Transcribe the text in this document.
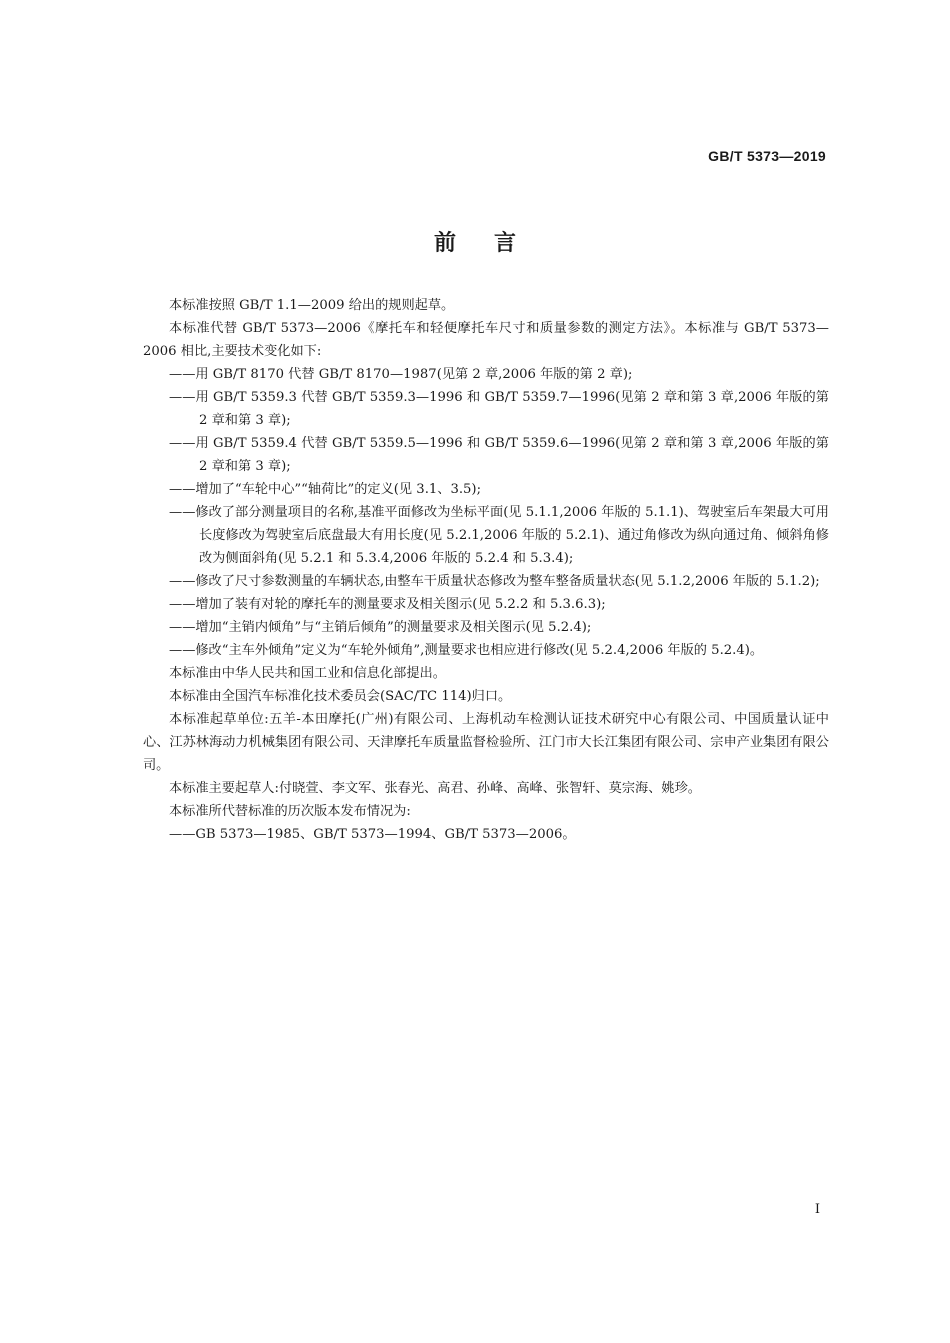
GB/T 5373—2019
前言

本标准按照 GB/T 1.1—2009 给出的规则起草。

本标准代替 GB/T 5373—2006《摩托车和轻便摩托车尺寸和质量参数的测定方法》。本标准与 GB/T 5373—2006 相比,主要技术变化如下:

——用 GB/T 8170 代替 GB/T 8170—1987(见第 2 章,2006 年版的第 2 章);

——用 GB/T 5359.3 代替 GB/T 5359.3—1996 和 GB/T 5359.7—1996(见第 2 章和第 3 章,2006 年版的第 2 章和第 3 章);

——用 GB/T 5359.4 代替 GB/T 5359.5—1996 和 GB/T 5359.6—1996(见第 2 章和第 3 章,2006 年版的第 2 章和第 3 章);

——增加了“车轮中心”“轴荷比”的定义(见 3.1、3.5);

——修改了部分测量项目的名称,基准平面修改为坐标平面(见 5.1.1,2006 年版的 5.1.1)、驾驶室后车架最大可用长度修改为驾驶室后底盘最大有用长度(见 5.2.1,2006 年版的 5.2.1)、通过角修改为纵向通过角、倾斜角修改为侧面斜角(见 5.2.1 和 5.3.4,2006 年版的 5.2.4 和 5.3.4);

——修改了尺寸参数测量的车辆状态,由整车干质量状态修改为整车整备质量状态(见 5.1.2,2006 年版的 5.1.2);

——增加了装有对轮的摩托车的测量要求及相关图示(见 5.2.2 和 5.3.6.3);

——增加“主销内倾角”与“主销后倾角”的测量要求及相关图示(见 5.2.4);

——修改“主车外倾角”定义为“车轮外倾角”,测量要求也相应进行修改(见 5.2.4,2006 年版的 5.2.4)。

本标准由中华人民共和国工业和信息化部提出。

本标准由全国汽车标准化技术委员会(SAC/TC 114)归口。

本标准起草单位:五羊-本田摩托(广州)有限公司、上海机动车检测认证技术研究中心有限公司、中国质量认证中心、江苏林海动力机械集团有限公司、天津摩托车质量监督检验所、江门市大长江集团有限公司、宗申产业集团有限公司。

本标准主要起草人:付晓萱、李文军、张春光、高君、孙峰、高峰、张智轩、莫宗海、姚珍。

本标准所代替标准的历次版本发布情况为:

——GB 5373—1985、GB/T 5373—1994、GB/T 5373—2006。

I
